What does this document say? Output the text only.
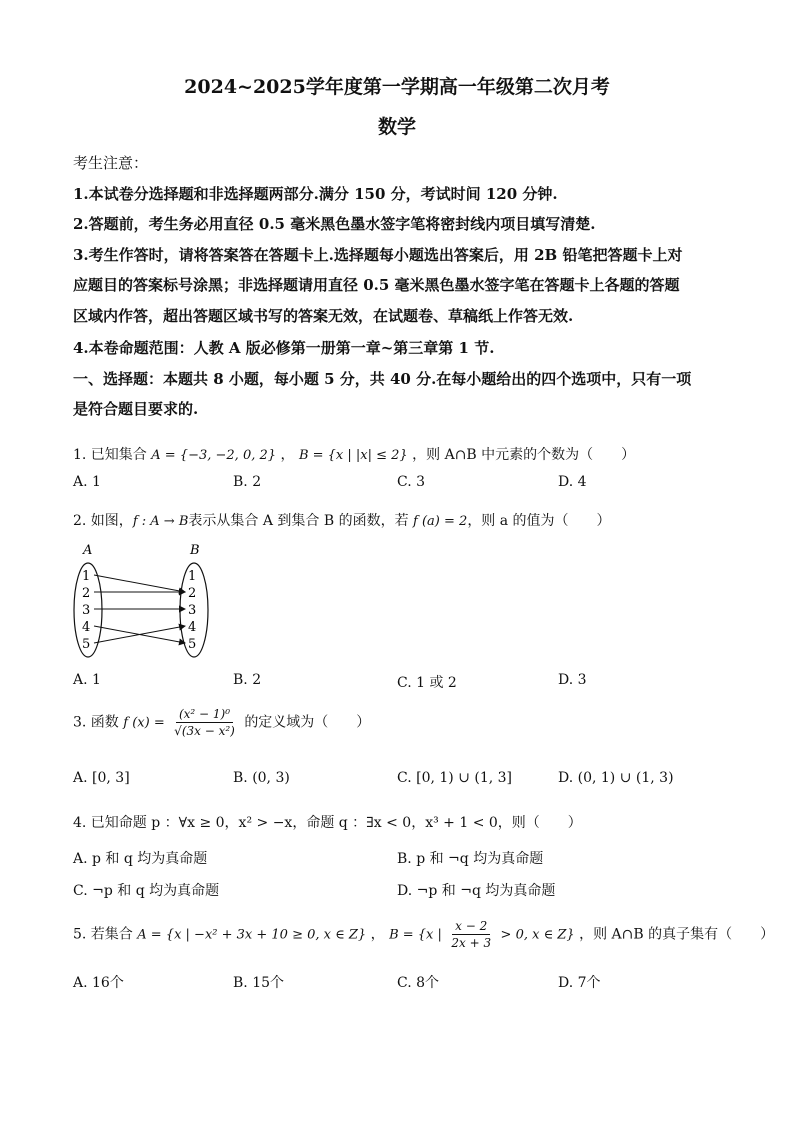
2024~2025学年度第一学期高一年级第二次月考
数学
考生注意：
1.本试卷分选择题和非选择题两部分.满分 150 分，考试时间 120 分钟.
2.答题前，考生务必用直径 0.5 毫米黑色墨水签字笔将密封线内项目填写清楚.
3.考生作答时，请将答案答在答题卡上.选择题每小题选出答案后，用 2B 铅笔把答题卡上对
应题目的答案标号涂黑；非选择题请用直径 0.5 毫米黑色墨水签字笔在答题卡上各题的答题
区域内作答，超出答题区域书写的答案无效，在试题卷、草稿纸上作答无效.
4.本卷命题范围：人教 A 版必修第一册第一章~第三章第 1 节.
一、选择题：本题共 8 小题，每小题 5 分，共 40 分.在每小题给出的四个选项中，只有一项
是符合题目要求的.
1. 已知集合 A = {−3, −2, 0, 2} ， B = {x | |x| ≤ 2} ，则 A∩B 中元素的个数为（　　）
A. 1	B. 2	C. 3	D. 4
2. 如图，f : A → B表示从集合 A 到集合 B 的函数，若 f (a) = 2，则 a 的值为（　　）
A	B
1
2
3
4
5
1
2
3
4
5
A. 1	B. 2	C. 1 或 2	D. 3
3. 函数 f $(x) = \frac{\text{(x² − 1)⁰}}{\text{√(3x − x²)}}$ 的定义域为（　　）
A. [0, 3]	B. (0, 3)	C. [0, 1) ∪ (1, 3]	D. (0, 1) ∪ (1, 3)
4. 已知命题 p ：∀x ≥ 0，x² > −x，命题 q ：∃x < 0，x³ + 1 < 0，则（　　）
A. p 和 q 均为真命题	B. p 和 ¬q 均为真命题
C. ¬p 和 q 均为真命题	D. ¬p 和 ¬q 均为真命题
5. 若集合 A = {x | −x² + 3x + 10 ≥ 0, x ∈ Z} ， B = {x | $\frac{x - 2}{2x + 3} > 0$, x ∈ Z} ，则 A∩B 的真子集有（　　）
A. 16个	B. 15个	C. 8个	D. 7个
